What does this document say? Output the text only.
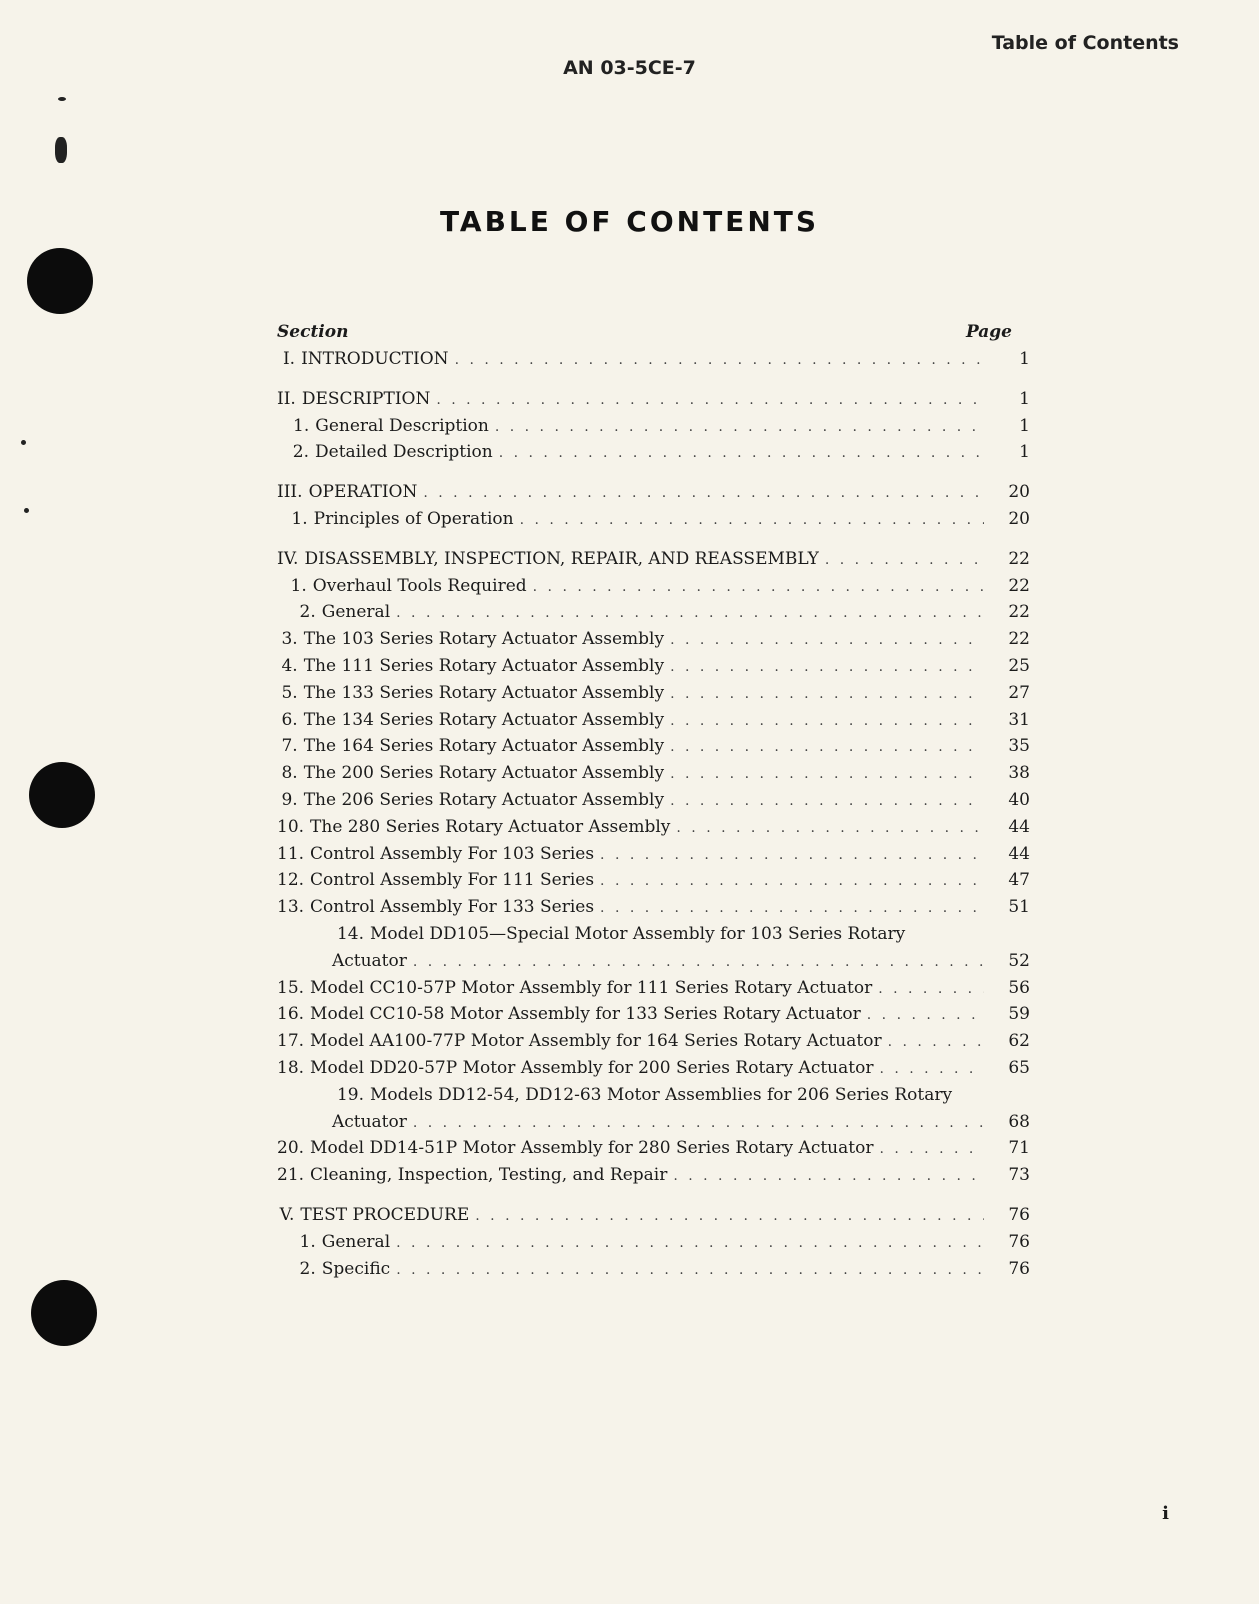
Table of Contents
AN 03-5CE-7
TABLE OF CONTENTS
Section	Page
I. INTRODUCTION . . .	1
II. DESCRIPTION . . .	1
1. General Description . . .	1
2. Detailed Description . . .	1
III. OPERATION . . .	20
1. Principles of Operation . . .	20
IV. DISASSEMBLY, INSPECTION, REPAIR, AND REASSEMBLY . . .	22
1. Overhaul Tools Required . . .	22
2. General . . .	22
3. The 103 Series Rotary Actuator Assembly . . .	22
4. The 111 Series Rotary Actuator Assembly . . .	25
5. The 133 Series Rotary Actuator Assembly . . .	27
6. The 134 Series Rotary Actuator Assembly . . .	31
7. The 164 Series Rotary Actuator Assembly . . .	35
8. The 200 Series Rotary Actuator Assembly . . .	38
9. The 206 Series Rotary Actuator Assembly . . .	40
10. The 280 Series Rotary Actuator Assembly . . .	44
11. Control Assembly For 103 Series . . .	44
12. Control Assembly For 111 Series . . .	47
13. Control Assembly For 133 Series . . .	51
14. Model DD105—Special Motor Assembly for 103 Series Rotary
Actuator . . .	52
15. Model CC10-57P Motor Assembly for 111 Series Rotary Actuator . . .	56
16. Model CC10-58 Motor Assembly for 133 Series Rotary Actuator . . .	59
17. Model AA100-77P Motor Assembly for 164 Series Rotary Actuator . . .	62
18. Model DD20-57P Motor Assembly for 200 Series Rotary Actuator . . .	65
19. Models DD12-54, DD12-63 Motor Assemblies for 206 Series Rotary
Actuator . . .	68
20. Model DD14-51P Motor Assembly for 280 Series Rotary Actuator . . .	71
21. Cleaning, Inspection, Testing, and Repair . . .	73
V. TEST PROCEDURE . . .	76
1. General . . .	76
2. Specific . . .	76
i
